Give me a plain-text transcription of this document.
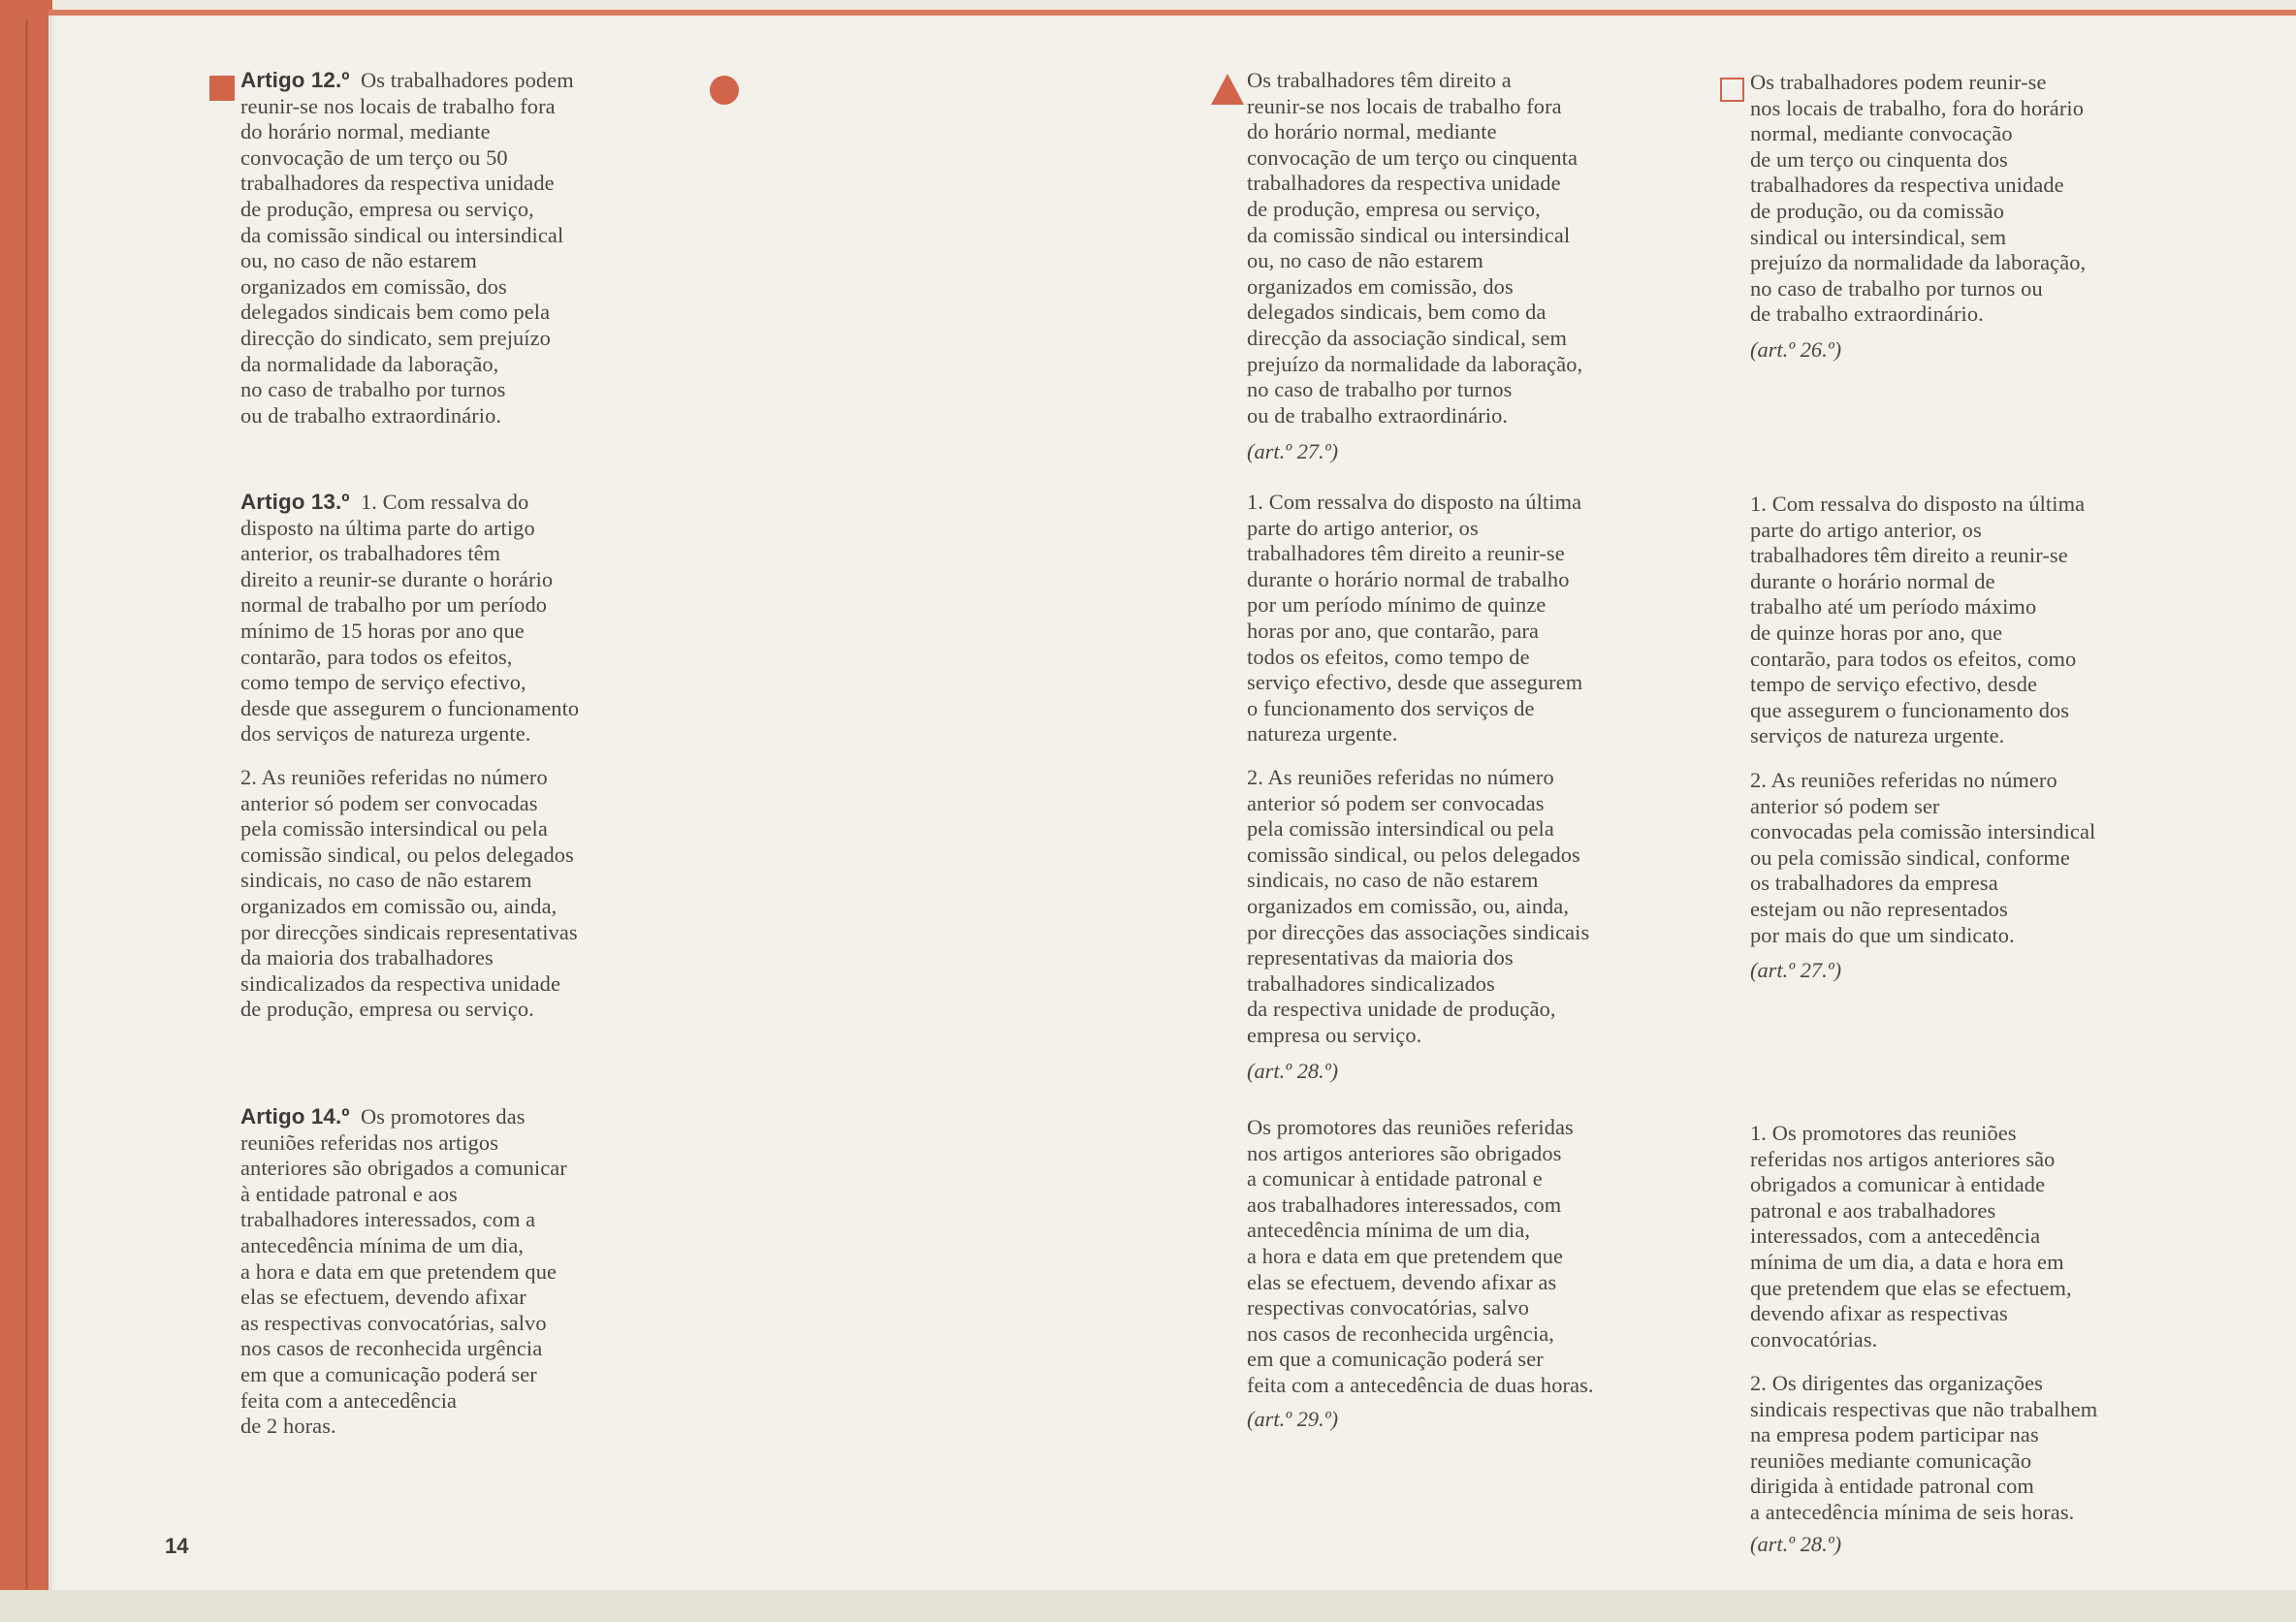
Artigo 12.º  Os trabalhadores podem
reunir-se nos locais de trabalho fora
do horário normal, mediante
convocação de um terço ou 50
trabalhadores da respectiva unidade
de produção, empresa ou serviço,
da comissão sindical ou intersindical
ou, no caso de não estarem
organizados em comissão, dos
delegados sindicais bem como pela
direcção do sindicato, sem prejuízo
da normalidade da laboração,
no caso de trabalho por turnos
ou de trabalho extraordinário.
Artigo 13.º  1. Com ressalva do
disposto na última parte do artigo
anterior, os trabalhadores têm
direito a reunir-se durante o horário
normal de trabalho por um período
mínimo de 15 horas por ano que
contarão, para todos os efeitos,
como tempo de serviço efectivo,
desde que assegurem o funcionamento
dos serviços de natureza urgente.
2. As reuniões referidas no número
anterior só podem ser convocadas
pela comissão intersindical ou pela
comissão sindical, ou pelos delegados
sindicais, no caso de não estarem
organizados em comissão ou, ainda,
por direcções sindicais representativas
da maioria dos trabalhadores
sindicalizados da respectiva unidade
de produção, empresa ou serviço.
Artigo 14.º  Os promotores das
reuniões referidas nos artigos
anteriores são obrigados a comunicar
à entidade patronal e aos
trabalhadores interessados, com a
antecedência mínima de um dia,
a hora e data em que pretendem que
elas se efectuem, devendo afixar
as respectivas convocatórias, salvo
nos casos de reconhecida urgência
em que a comunicação poderá ser
feita com a antecedência
de 2 horas.
14
Os trabalhadores têm direito a
reunir-se nos locais de trabalho fora
do horário normal, mediante
convocação de um terço ou cinquenta
trabalhadores da respectiva unidade
de produção, empresa ou serviço,
da comissão sindical ou intersindical
ou, no caso de não estarem
organizados em comissão, dos
delegados sindicais, bem como da
direcção da associação sindical, sem
prejuízo da normalidade da laboração,
no caso de trabalho por turnos
ou de trabalho extraordinário.
(art.º 27.º)
1. Com ressalva do disposto na última
parte do artigo anterior, os
trabalhadores têm direito a reunir-se
durante o horário normal de trabalho
por um período mínimo de quinze
horas por ano, que contarão, para
todos os efeitos, como tempo de
serviço efectivo, desde que assegurem
o funcionamento dos serviços de
natureza urgente.
2. As reuniões referidas no número
anterior só podem ser convocadas
pela comissão intersindical ou pela
comissão sindical, ou pelos delegados
sindicais, no caso de não estarem
organizados em comissão, ou, ainda,
por direcções das associações sindicais
representativas da maioria dos
trabalhadores sindicalizados
da respectiva unidade de produção,
empresa ou serviço.
(art.º 28.º)
Os promotores das reuniões referidas
nos artigos anteriores são obrigados
a comunicar à entidade patronal e
aos trabalhadores interessados, com
antecedência mínima de um dia,
a hora e data em que pretendem que
elas se efectuem, devendo afixar as
respectivas convocatórias, salvo
nos casos de reconhecida urgência,
em que a comunicação poderá ser
feita com a antecedência de duas horas.
(art.º 29.º)
Os trabalhadores podem reunir-se
nos locais de trabalho, fora do horário
normal, mediante convocação
de um terço ou cinquenta dos
trabalhadores da respectiva unidade
de produção, ou da comissão
sindical ou intersindical, sem
prejuízo da normalidade da laboração,
no caso de trabalho por turnos ou
de trabalho extraordinário.
(art.º 26.º)
1. Com ressalva do disposto na última
parte do artigo anterior, os
trabalhadores têm direito a reunir-se
durante o horário normal de
trabalho até um período máximo
de quinze horas por ano, que
contarão, para todos os efeitos, como
tempo de serviço efectivo, desde
que assegurem o funcionamento dos
serviços de natureza urgente.
2. As reuniões referidas no número
anterior só podem ser
convocadas pela comissão intersindical
ou pela comissão sindical, conforme
os trabalhadores da empresa
estejam ou não representados
por mais do que um sindicato.
(art.º 27.º)
1. Os promotores das reuniões
referidas nos artigos anteriores são
obrigados a comunicar à entidade
patronal e aos trabalhadores
interessados, com a antecedência
mínima de um dia, a data e hora em
que pretendem que elas se efectuem,
devendo afixar as respectivas
convocatórias.
2. Os dirigentes das organizações
sindicais respectivas que não trabalhem
na empresa podem participar nas
reuniões mediante comunicação
dirigida à entidade patronal com
a antecedência mínima de seis horas.
(art.º 28.º)
